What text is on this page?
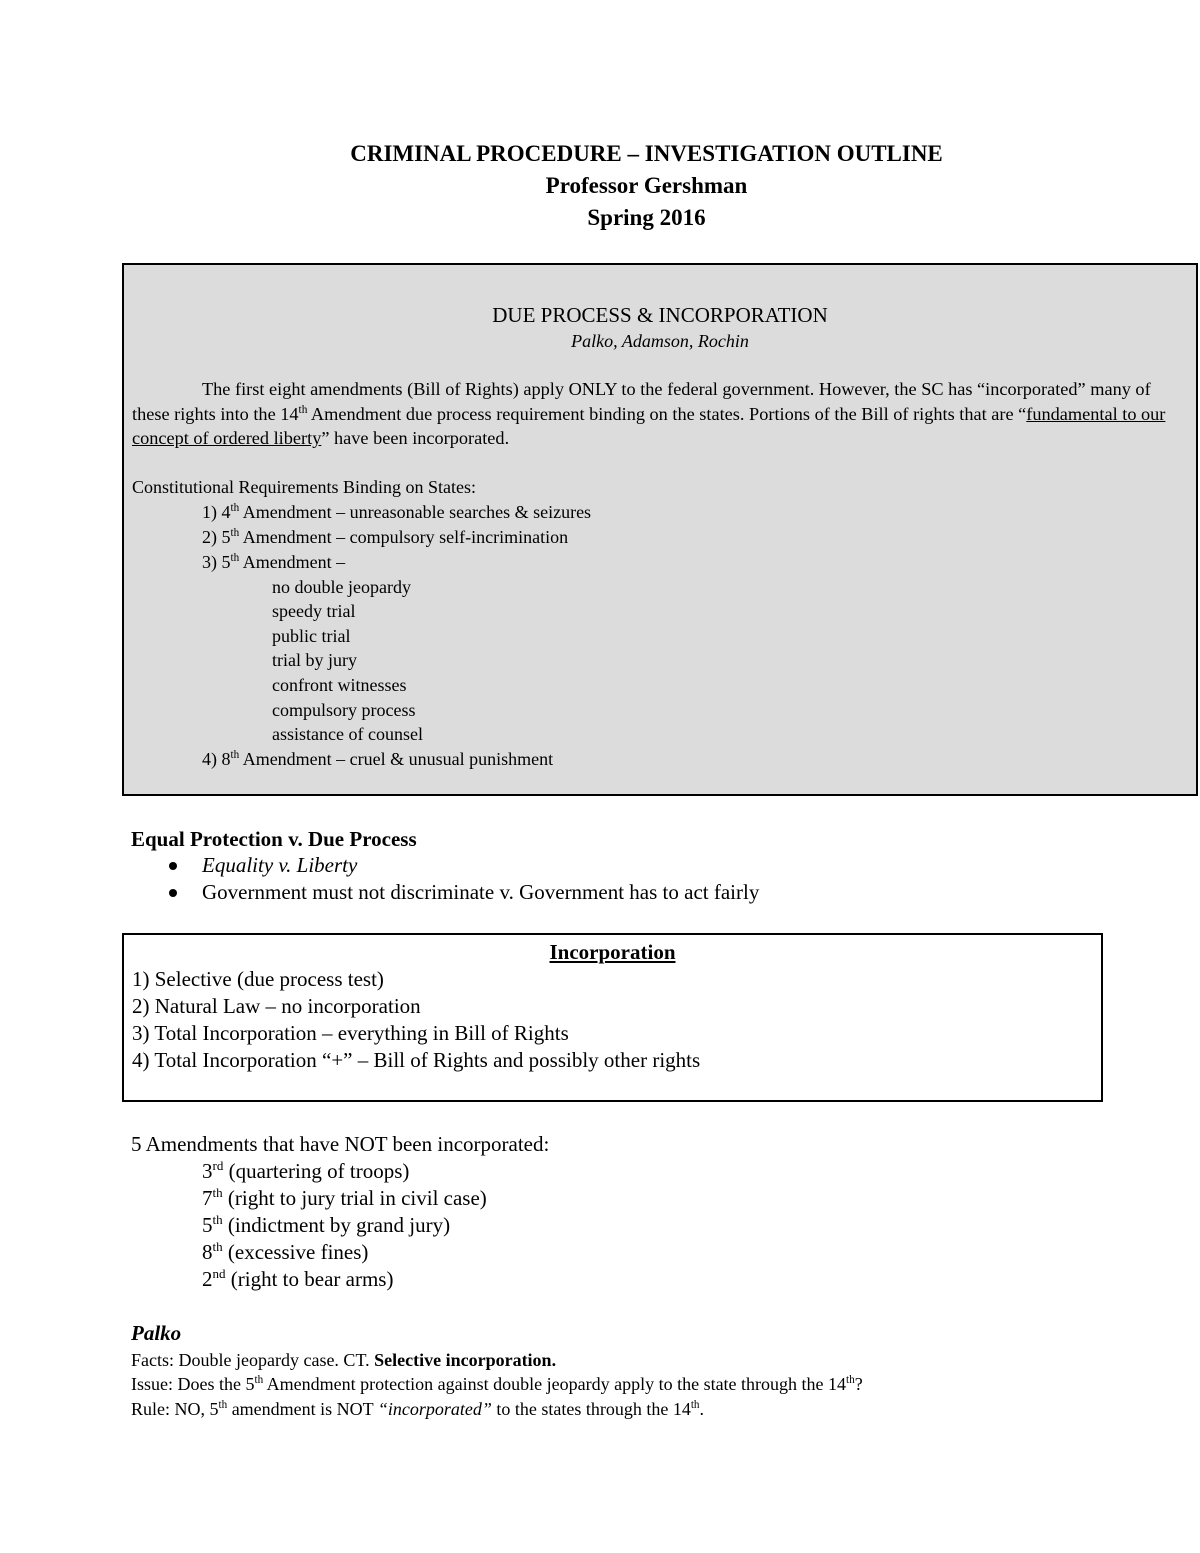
CRIMINAL PROCEDURE – INVESTIGATION OUTLINE
Professor Gershman
Spring 2016
DUE PROCESS & INCORPORATION
Palko, Adamson, Rochin
The first eight amendments (Bill of Rights) apply ONLY to the federal government. However, the SC has “incorporated” many of these rights into the 14th Amendment due process requirement binding on the states. Portions of the Bill of rights that are “fundamental to our concept of ordered liberty” have been incorporated.
Constitutional Requirements Binding on States:
1) 4th Amendment – unreasonable searches & seizures
2) 5th Amendment – compulsory self-incrimination
3) 5th Amendment –
no double jeopardy
speedy trial
public trial
trial by jury
confront witnesses
compulsory process
assistance of counsel
4) 8th Amendment – cruel & unusual punishment
Equal Protection v. Due Process
Equality v. Liberty
Government must not discriminate v. Government has to act fairly
Incorporation
1) Selective (due process test)
2) Natural Law – no incorporation
3) Total Incorporation – everything in Bill of Rights
4) Total Incorporation “+” – Bill of Rights and possibly other rights
5 Amendments that have NOT been incorporated:
3rd (quartering of troops)
7th (right to jury trial in civil case)
5th (indictment by grand jury)
8th (excessive fines)
2nd (right to bear arms)
Palko
Facts: Double jeopardy case. CT. Selective incorporation.
Issue: Does the 5th Amendment protection against double jeopardy apply to the state through the 14th?
Rule: NO, 5th amendment is NOT “incorporated” to the states through the 14th.
